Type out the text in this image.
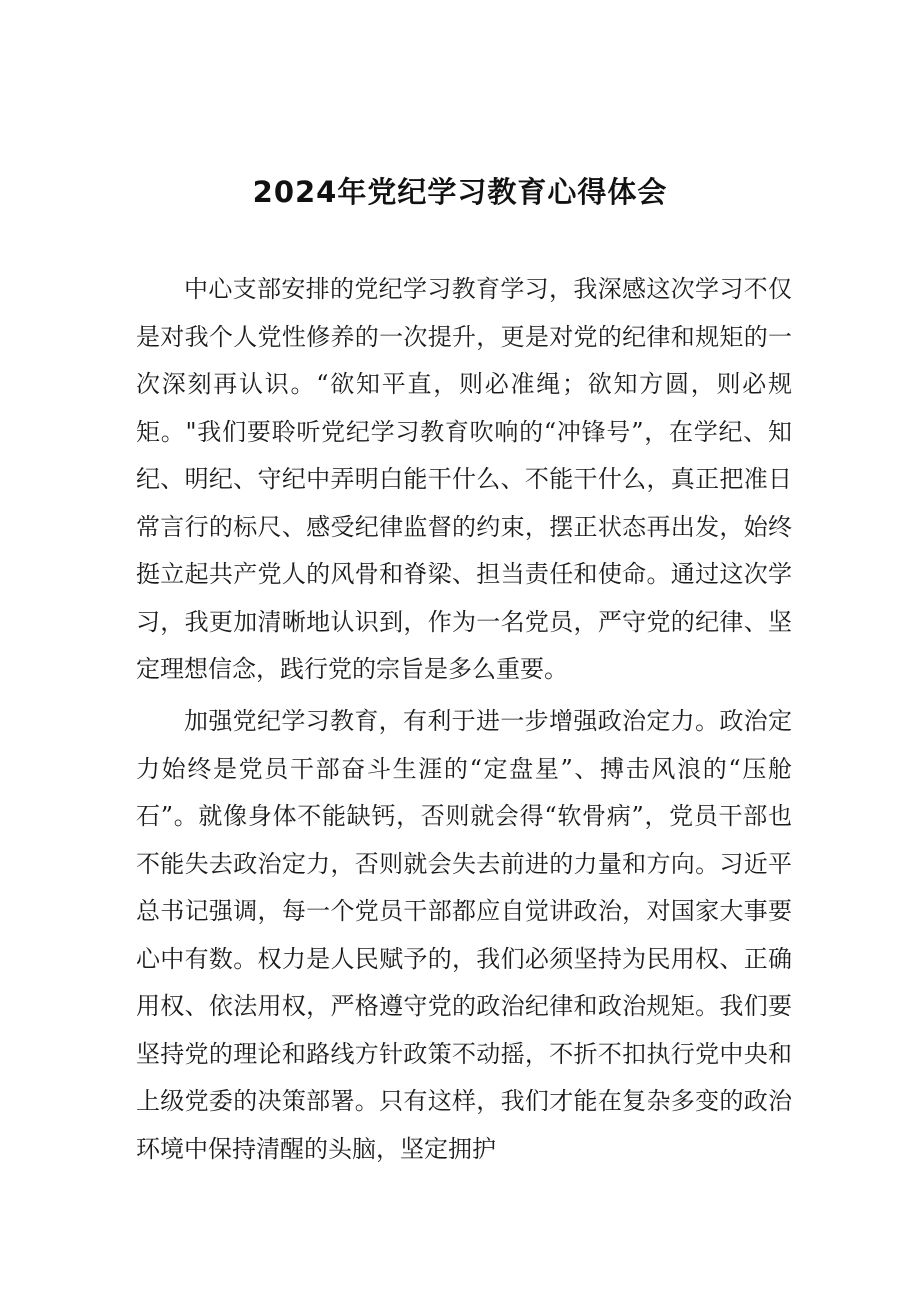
2024年党纪学习教育心得体会

中心支部安排的党纪学习教育学习，我深感这次学习不仅是对我个人党性修养的一次提升，更是对党的纪律和规矩的一次深刻再认识。“欲知平直，则必准绳；欲知方圆，则必规矩。"我们要聆听党纪学习教育吹响的“冲锋号”，在学纪、知纪、明纪、守纪中弄明白能干什么、不能干什么，真正把准日常言行的标尺、感受纪律监督的约束，摆正状态再出发，始终挺立起共产党人的风骨和脊梁、担当责任和使命。通过这次学习，我更加清晰地认识到，作为一名党员，严守党的纪律、坚定理想信念，践行党的宗旨是多么重要。

加强党纪学习教育，有利于进一步增强政治定力。政治定力始终是党员干部奋斗生涯的“定盘星”、搏击风浪的“压舱石”。就像身体不能缺钙，否则就会得“软骨病”，党员干部也不能失去政治定力，否则就会失去前进的力量和方向。习近平总书记强调，每一个党员干部都应自觉讲政治，对国家大事要心中有数。权力是人民赋予的，我们必须坚持为民用权、正确用权、依法用权，严格遵守党的政治纪律和政治规矩。我们要坚持党的理论和路线方针政策不动摇，不折不扣执行党中央和上级党委的决策部署。只有这样，我们才能在复杂多变的政治环境中保持清醒的头脑，坚定拥护
